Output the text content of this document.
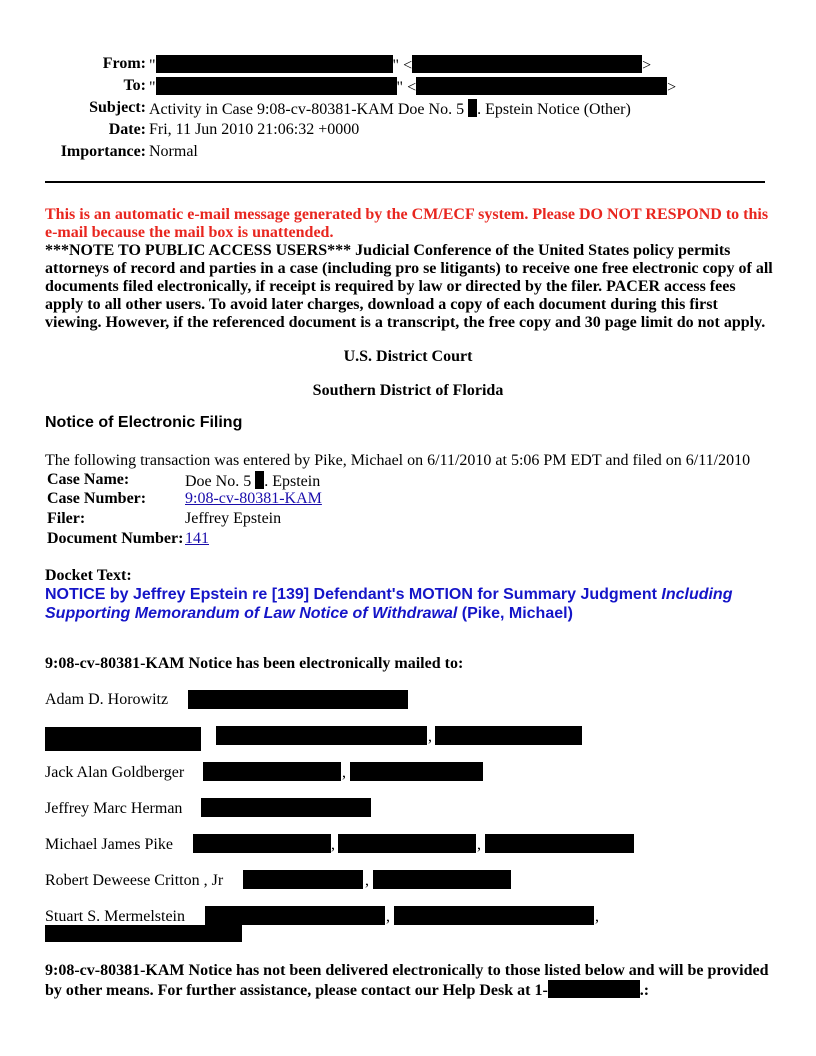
From: "	" <	>
To: "	" <	>
Subject: Activity in Case 9:08-cv-80381-KAM Doe No. 5 . Epstein Notice (Other)
Date: Fri, 11 Jun 2010 21:06:32 +0000
Importance: Normal
This is an automatic e-mail message generated by the CM/ECF system. Please DO NOT RESPOND to this e-mail because the mail box is unattended.
***NOTE TO PUBLIC ACCESS USERS*** Judicial Conference of the United States policy permits attorneys of record and parties in a case (including pro se litigants) to receive one free electronic copy of all documents filed electronically, if receipt is required by law or directed by the filer. PACER access fees apply to all other users. To avoid later charges, download a copy of each document during this first viewing. However, if the referenced document is a transcript, the free copy and 30 page limit do not apply.
U.S. District Court
Southern District of Florida
Notice of Electronic Filing
The following transaction was entered by Pike, Michael on 6/11/2010 at 5:06 PM EDT and filed on 6/11/2010
Case Name:	Doe No. 5 . Epstein
Case Number: 9:08-cv-80381-KAM
Filer:	Jeffrey Epstein
Document Number: 141
Docket Text:
NOTICE by Jeffrey Epstein re [139] Defendant's MOTION for Summary Judgment Including Supporting Memorandum of Law Notice of Withdrawal (Pike, Michael)
9:08-cv-80381-KAM Notice has been electronically mailed to:
Adam D. Horowitz
,
Jack Alan Goldberger	,
Jeffrey Marc Herman
Michael James Pike	,	,
Robert Deweese Critton , Jr	,
Stuart S. Mermelstein	,	,
9:08-cv-80381-KAM Notice has not been delivered electronically to those listed below and will be provided by other means. For further assistance, please contact our Help Desk at 1-	.:
